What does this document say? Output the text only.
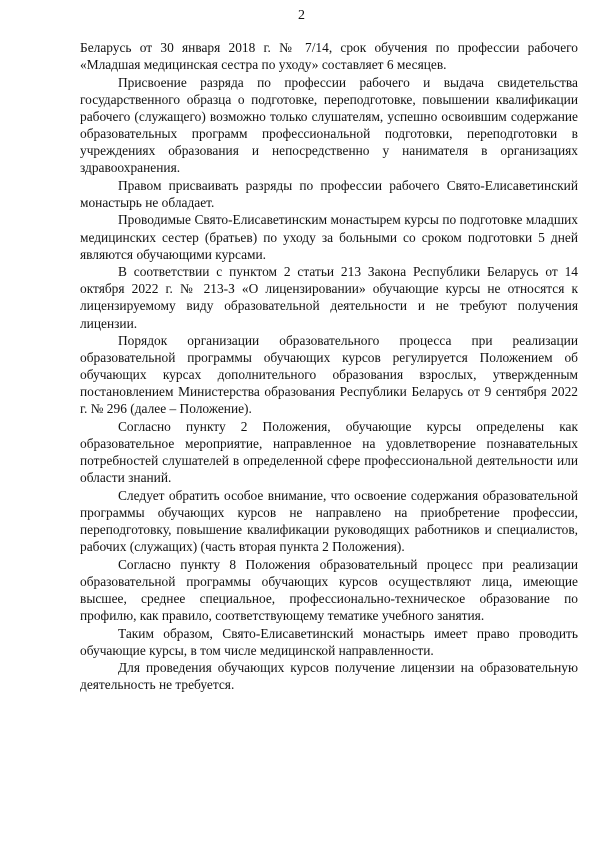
2

Беларусь от 30 января 2018 г. № 7/14, срок обучения по профессии рабочего «Младшая медицинская сестра по уходу» составляет 6 месяцев.

Присвоение разряда по профессии рабочего и выдача свидетельства государственного образца о подготовке, переподготовке, повышении квалификации рабочего (служащего) возможно только слушателям, успешно освоившим содержание образовательных программ профессиональной подготовки, переподготовки в учреждениях образования и непосредственно у нанимателя в организациях здравоохранения.

Правом присваивать разряды по профессии рабочего Свято-Елисаветинский монастырь не обладает.

Проводимые Свято-Елисаветинским монастырем курсы по подготовке младших медицинских сестер (братьев) по уходу за больными со сроком подготовки 5 дней являются обучающими курсами.

В соответствии с пунктом 2 статьи 213 Закона Республики Беларусь от 14 октября 2022 г. № 213-З «О лицензировании» обучающие курсы не относятся к лицензируемому виду образовательной деятельности и не требуют получения лицензии.

Порядок организации образовательного процесса при реализации образовательной программы обучающих курсов регулируется Положением об обучающих курсах дополнительного образования взрослых, утвержденным постановлением Министерства образования Республики Беларусь от 9 сентября 2022 г. № 296 (далее – Положение).

Согласно пункту 2 Положения, обучающие курсы определены как образовательное мероприятие, направленное на удовлетворение познавательных потребностей слушателей в определенной сфере профессиональной деятельности или области знаний.

Следует обратить особое внимание, что освоение содержания образовательной программы обучающих курсов не направлено на приобретение профессии, переподготовку, повышение квалификации руководящих работников и специалистов, рабочих (служащих) (часть вторая пункта 2 Положения).

Согласно пункту 8 Положения образовательный процесс при реализации образовательной программы обучающих курсов осуществляют лица, имеющие высшее, среднее специальное, профессионально-техническое образование по профилю, как правило, соответствующему тематике учебного занятия.

Таким образом, Свято-Елисаветинский монастырь имеет право проводить обучающие курсы, в том числе медицинской направленности.

Для проведения обучающих курсов получение лицензии на образовательную деятельность не требуется.
